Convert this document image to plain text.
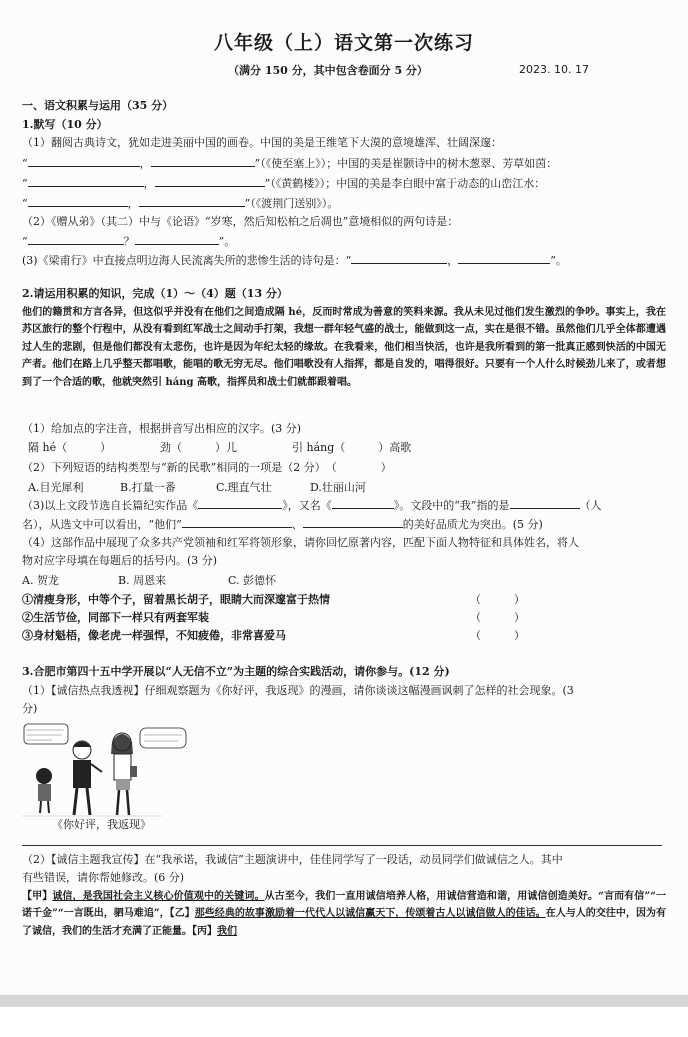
八年级（上）语文第一次练习
（满分 150 分，其中包含卷面分 5 分）	2023. 10. 17
一、语文积累与运用（35 分）
1.默写（10 分）
（1）翻阅古典诗文，犹如走进美丽中国的画卷。中国的美是王维笔下大漠的意境雄浑、壮阔深邃：
“	，	”（《使至塞上》）；中国的美是崔颢诗中的树木葱翠、芳草如茵：
“	，	”（《黄鹤楼》）；中国的美是李白眼中富于动态的山峦江水：
“	，	”（《渡荆门送别》）。
（2）《赠从弟》（其二）中与《论语》“岁寒，然后知松柏之后凋也”意境相似的两句诗是：
“	？	”。
(3)《梁甫行》中直接点明边海人民流离失所的悲惨生活的诗句是：“	，	”。
2.请运用积累的知识，完成（1）～（4）题（13 分）
他们的籍贯和方言各异，但这似乎并没有在他们之间造成隔 hé，反而时常成为善意的笑料来源。我从未见过他们发生激烈的争吵。事实上，我在苏区旅行的整个行程中，从没有看到红军战士之间动手打架，我想一群年轻气盛的战士，能做到这一点，实在是很不错。虽然他们几乎全体都遭遇过人生的悲剧，但是他们都没有太悲伤，也许是因为年纪太轻的缘故。在我看来，他们相当快活，也许是我所看到的第一批真正感到快活的中国无产者。他们在路上几乎整天都唱歌，能唱的歌无穷无尽。他们唱歌没有人指挥，都是自发的，唱得很好。只要有一个人什么时候劲儿来了，或者想到了一个合适的歌，他就突然引 háng 高歌，指挥员和战士们就都跟着唱。
（1）给加点的字注音，根据拼音写出相应的汉字。(3 分)
隔 hé（　　　）	劲（　　　）儿	引 háng（　　　）高歌
（2）下列短语的结构类型与“新的民歌”相同的一项是（2 分）　（　　　　）
A.目光犀利	B.打量一番	C.理直气壮	D.壮丽山河
（3)以上文段节选自长篇纪实作品《	》，又名《	》。文段中的“我”指的是	（人
名），从选文中可以看出，“他们”	、	的美好品质尤为突出。(5 分)
（4）这部作品中展现了众多共产党领袖和红军将领形象，请你回忆原著内容，匹配下面人物特征和具体姓名，将人
物对应字母填在每题后的括号内。(3 分)
A. 贺龙	B. 周恩来	C. 彭德怀
①清瘦身形，中等个子，留着黑长胡子，眼睛大而深邃富于热情	（　　　）
②生活节俭，同部下一样只有两套军装	（　　　）
③身材魁梧，像老虎一样强悍，不知疲倦，非常喜爱马	（　　　）
3.合肥市第四十五中学开展以“人无信不立”为主题的综合实践活动，请你参与。(12 分)
（1）【诚信热点我透视】仔细观察题为《你好评，我返现》的漫画，请你谈谈这幅漫画讽刺了怎样的社会现象。(3
分)
《你好评，我返现》
（2）【诚信主题我宣传】在“我承诺，我诚信”主题演讲中，佳佳同学写了一段话，动员同学们做诚信之人。其中
有些错误，请你帮她修改。(6 分)
【甲】诚信，是我国社会主义核心价值观中的关键词。从古至今，我们一直用诚信培养人格，用诚信营造和谐，用诚信创造美好。“言而有信”“一诺千金”“一言既出，驷马难追”，【乙】那些经典的故事激励着一代代人以诚信赢天下，传颂着古人以诚信做人的佳话。在人与人的交往中，因为有了诚信，我们的生活才充满了正能量。【丙】我们
